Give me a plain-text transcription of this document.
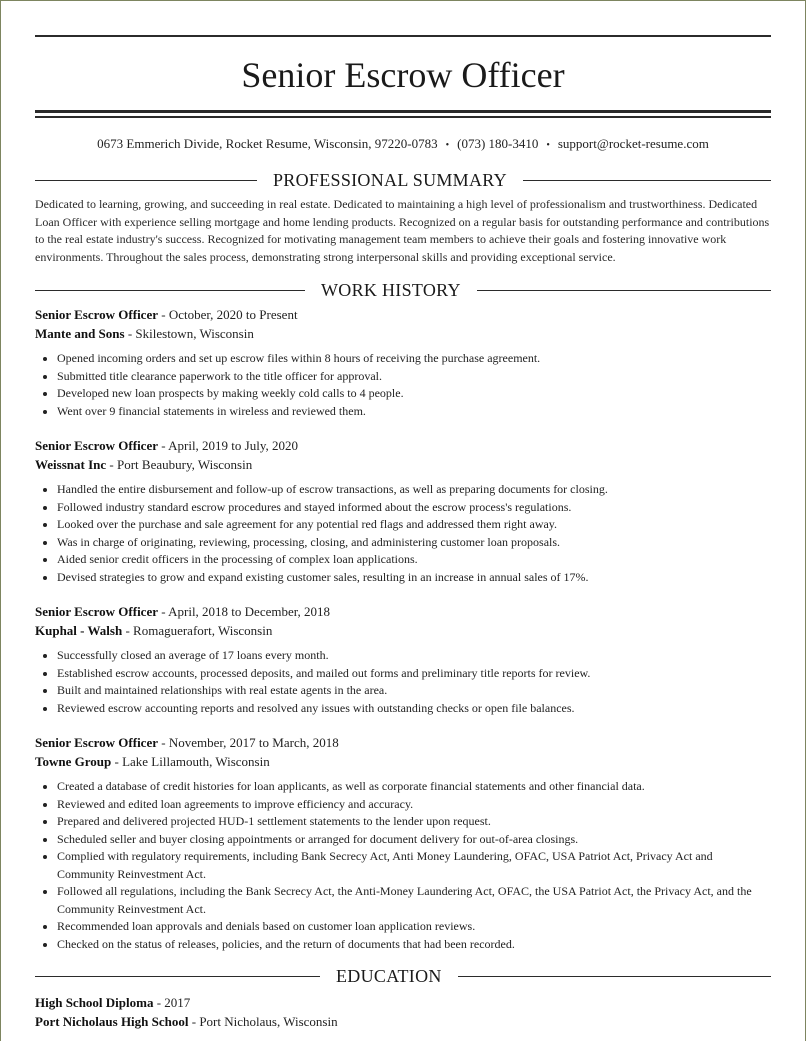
Senior Escrow Officer
0673 Emmerich Divide, Rocket Resume, Wisconsin, 97220-0783 • (073) 180-3410 • support@rocket-resume.com
PROFESSIONAL SUMMARY
Dedicated to learning, growing, and succeeding in real estate. Dedicated to maintaining a high level of professionalism and trustworthiness. Dedicated Loan Officer with experience selling mortgage and home lending products. Recognized on a regular basis for outstanding performance and contributions to the real estate industry's success. Recognized for motivating management team members to achieve their goals and fostering innovative work environments. Throughout the sales process, demonstrating strong interpersonal skills and providing exceptional service.
WORK HISTORY
Senior Escrow Officer - October, 2020 to Present
Mante and Sons - Skilestown, Wisconsin
• Opened incoming orders and set up escrow files within 8 hours of receiving the purchase agreement.
• Submitted title clearance paperwork to the title officer for approval.
• Developed new loan prospects by making weekly cold calls to 4 people.
• Went over 9 financial statements in wireless and reviewed them.
Senior Escrow Officer - April, 2019 to July, 2020
Weissnat Inc - Port Beaubury, Wisconsin
• Handled the entire disbursement and follow-up of escrow transactions, as well as preparing documents for closing.
• Followed industry standard escrow procedures and stayed informed about the escrow process's regulations.
• Looked over the purchase and sale agreement for any potential red flags and addressed them right away.
• Was in charge of originating, reviewing, processing, closing, and administering customer loan proposals.
• Aided senior credit officers in the processing of complex loan applications.
• Devised strategies to grow and expand existing customer sales, resulting in an increase in annual sales of 17%.
Senior Escrow Officer - April, 2018 to December, 2018
Kuphal - Walsh - Romaguerafort, Wisconsin
• Successfully closed an average of 17 loans every month.
• Established escrow accounts, processed deposits, and mailed out forms and preliminary title reports for review.
• Built and maintained relationships with real estate agents in the area.
• Reviewed escrow accounting reports and resolved any issues with outstanding checks or open file balances.
Senior Escrow Officer - November, 2017 to March, 2018
Towne Group - Lake Lillamouth, Wisconsin
• Created a database of credit histories for loan applicants, as well as corporate financial statements and other financial data.
• Reviewed and edited loan agreements to improve efficiency and accuracy.
• Prepared and delivered projected HUD-1 settlement statements to the lender upon request.
• Scheduled seller and buyer closing appointments or arranged for document delivery for out-of-area closings.
• Complied with regulatory requirements, including Bank Secrecy Act, Anti Money Laundering, OFAC, USA Patriot Act, Privacy Act and Community Reinvestment Act.
• Followed all regulations, including the Bank Secrecy Act, the Anti-Money Laundering Act, OFAC, the USA Patriot Act, the Privacy Act, and the Community Reinvestment Act.
• Recommended loan approvals and denials based on customer loan application reviews.
• Checked on the status of releases, policies, and the return of documents that had been recorded.
EDUCATION
High School Diploma - 2017
Port Nicholaus High School - Port Nicholaus, Wisconsin
